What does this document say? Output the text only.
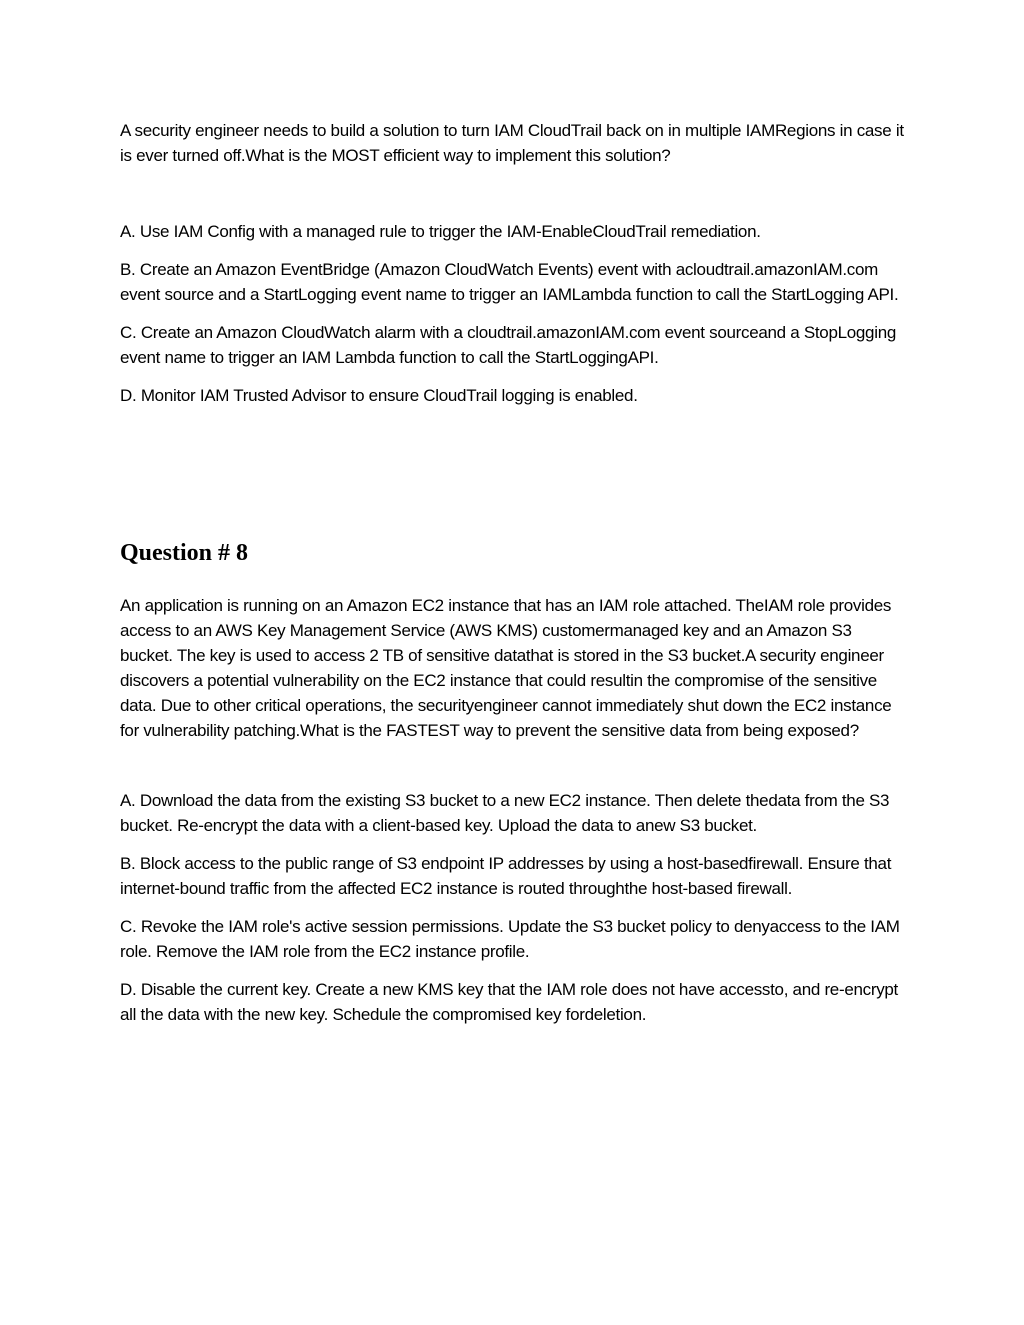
A security engineer needs to build a solution to turn IAM CloudTrail back on in multiple IAMRegions in case it is ever turned off.What is the MOST efficient way to implement this solution?

A. Use IAM Config with a managed rule to trigger the IAM-EnableCloudTrail remediation.

B. Create an Amazon EventBridge (Amazon CloudWatch Events) event with acloudtrail.amazonIAM.com event source and a StartLogging event name to trigger an IAMLambda function to call the StartLogging API.

C. Create an Amazon CloudWatch alarm with a cloudtrail.amazonIAM.com event sourceand a StopLogging event name to trigger an IAM Lambda function to call the StartLoggingAPI.

D. Monitor IAM Trusted Advisor to ensure CloudTrail logging is enabled.

Question # 8

An application is running on an Amazon EC2 instance that has an IAM role attached. TheIAM role provides access to an AWS Key Management Service (AWS KMS) customermanaged key and an Amazon S3 bucket. The key is used to access 2 TB of sensitive datathat is stored in the S3 bucket.A security engineer discovers a potential vulnerability on the EC2 instance that could resultin the compromise of the sensitive data. Due to other critical operations, the securityengineer cannot immediately shut down the EC2 instance for vulnerability patching.What is the FASTEST way to prevent the sensitive data from being exposed?

A. Download the data from the existing S3 bucket to a new EC2 instance. Then delete thedata from the S3 bucket. Re-encrypt the data with a client-based key. Upload the data to anew S3 bucket.

B. Block access to the public range of S3 endpoint IP addresses by using a host-basedfirewall. Ensure that internet-bound traffic from the affected EC2 instance is routed throughthe host-based firewall.

C. Revoke the IAM role's active session permissions. Update the S3 bucket policy to denyaccess to the IAM role. Remove the IAM role from the EC2 instance profile.

D. Disable the current key. Create a new KMS key that the IAM role does not have accessto, and re-encrypt all the data with the new key. Schedule the compromised key fordeletion.
